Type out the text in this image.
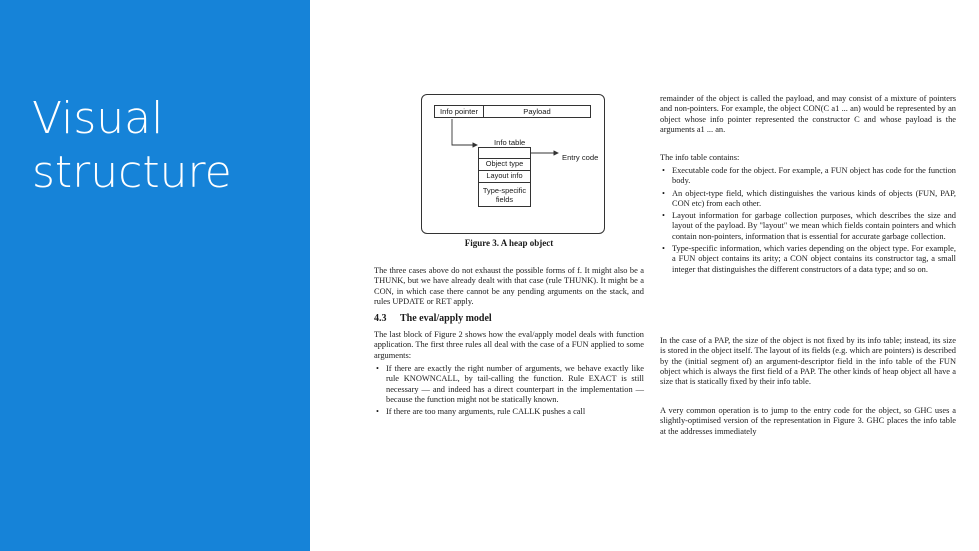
Visual
structure
Info pointer	Payload
Info table
Object type
Layout info
Type-specific fields
Entry code
Figure 3. A heap object

The three cases above do not exhaust the possible forms of f. It might also be a THUNK, but we have already dealt with that case (rule THUNK). It might be a CON, in which case there cannot be any pending arguments on the stack, and rules UPDATE or RET apply.

4.3 The eval/apply model

The last block of Figure 2 shows how the eval/apply model deals with function application. The first three rules all deal with the case of a FUN applied to some arguments:

• If there are exactly the right number of arguments, we behave exactly like rule KNOWNCALL, by tail-calling the function. Rule EXACT is still necessary — and indeed has a direct counterpart in the implementation — because the function might not be statically known.
• If there are too many arguments, rule CALLK pushes a call

remainder of the object is called the payload, and may consist of a mixture of pointers and non-pointers. For example, the object CON(C a1 ... an) would be represented by an object whose info pointer represented the constructor C and whose payload is the arguments a1 ... an.

The info table contains:

• Executable code for the object. For example, a FUN object has code for the function body.
• An object-type field, which distinguishes the various kinds of objects (FUN, PAP, CON etc) from each other.
• Layout information for garbage collection purposes, which describes the size and layout of the payload. By "layout" we mean which fields contain pointers and which contain non-pointers, information that is essential for accurate garbage collection.
• Type-specific information, which varies depending on the object type. For example, a FUN object contains its arity; a CON object contains its constructor tag, a small integer that distinguishes the different constructors of a data type; and so on.

In the case of a PAP, the size of the object is not fixed by its info table; instead, its size is stored in the object itself. The layout of its fields (e.g. which are pointers) is described by the (initial segment of) an argument-descriptor field in the info table of the FUN object which is always the first field of a PAP. The other kinds of heap object all have a size that is statically fixed by their info table.

A very common operation is to jump to the entry code for the object, so GHC uses a slightly-optimised version of the representation in Figure 3. GHC places the info table at the addresses immediately
